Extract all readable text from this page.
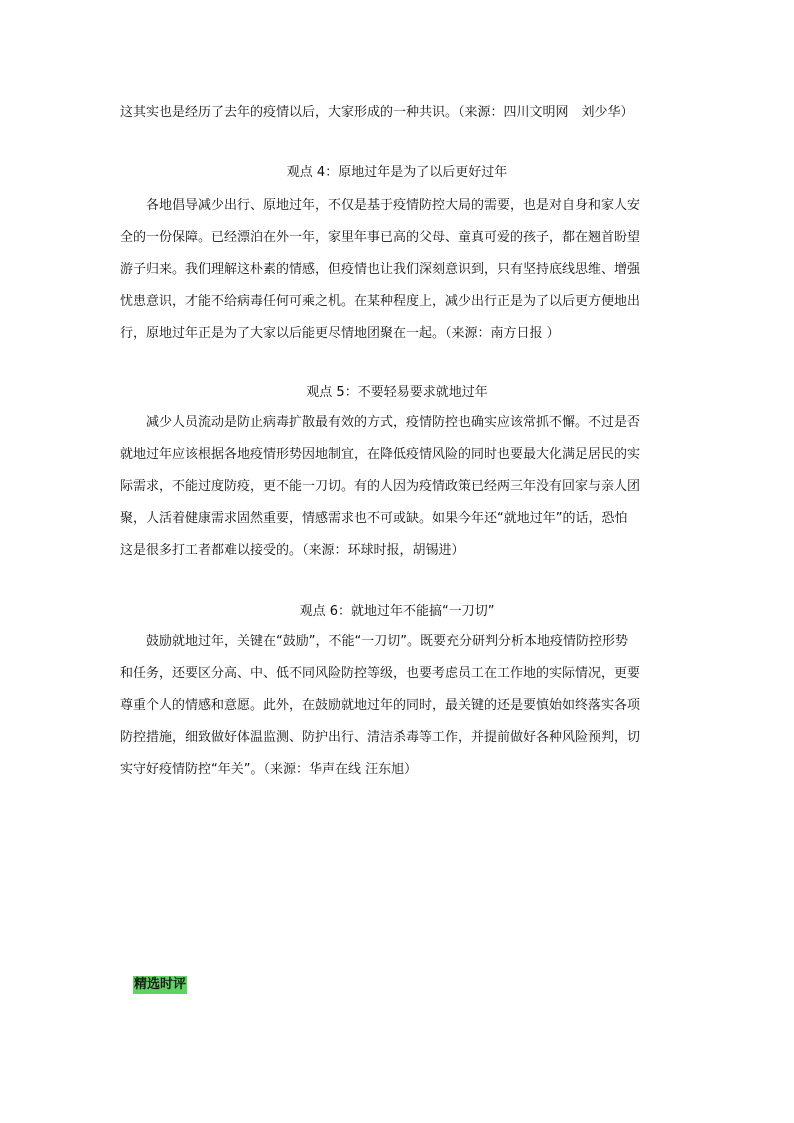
这其实也是经历了去年的疫情以后，大家形成的一种共识。（来源：四川文明网　刘少华）
观点 4：原地过年是为了以后更好过年
各地倡导减少出行、原地过年，不仅是基于疫情防控大局的需要，也是对自身和家人安
全的一份保障。已经漂泊在外一年，家里年事已高的父母、童真可爱的孩子，都在翘首盼望
游子归来。我们理解这朴素的情感，但疫情也让我们深刻意识到，只有坚持底线思维、增强
忧患意识，才能不给病毒任何可乘之机。在某种程度上，减少出行正是为了以后更方便地出
行，原地过年正是为了大家以后能更尽情地团聚在一起。（来源：南方日报 ）
观点 5：不要轻易要求就地过年
减少人员流动是防止病毒扩散最有效的方式，疫情防控也确实应该常抓不懈。不过是否
就地过年应该根据各地疫情形势因地制宜，在降低疫情风险的同时也要最大化满足居民的实
际需求，不能过度防疫，更不能一刀切。有的人因为疫情政策已经两三年没有回家与亲人团
聚，人活着健康需求固然重要，情感需求也不可或缺。如果今年还“就地过年”的话，恐怕
这是很多打工者都难以接受的。（来源：环球时报，胡锡进）
观点 6：就地过年不能搞“一刀切”
鼓励就地过年，关键在“鼓励”，不能“一刀切”。既要充分研判分析本地疫情防控形势
和任务，还要区分高、中、低不同风险防控等级，也要考虑员工在工作地的实际情况，更要
尊重个人的情感和意愿。此外，在鼓励就地过年的同时，最关键的还是要慎始如终落实各项
防控措施，细致做好体温监测、防护出行、清洁杀毒等工作，并提前做好各种风险预判，切
实守好疫情防控“年关”。（来源：华声在线 汪东旭）
精选时评
